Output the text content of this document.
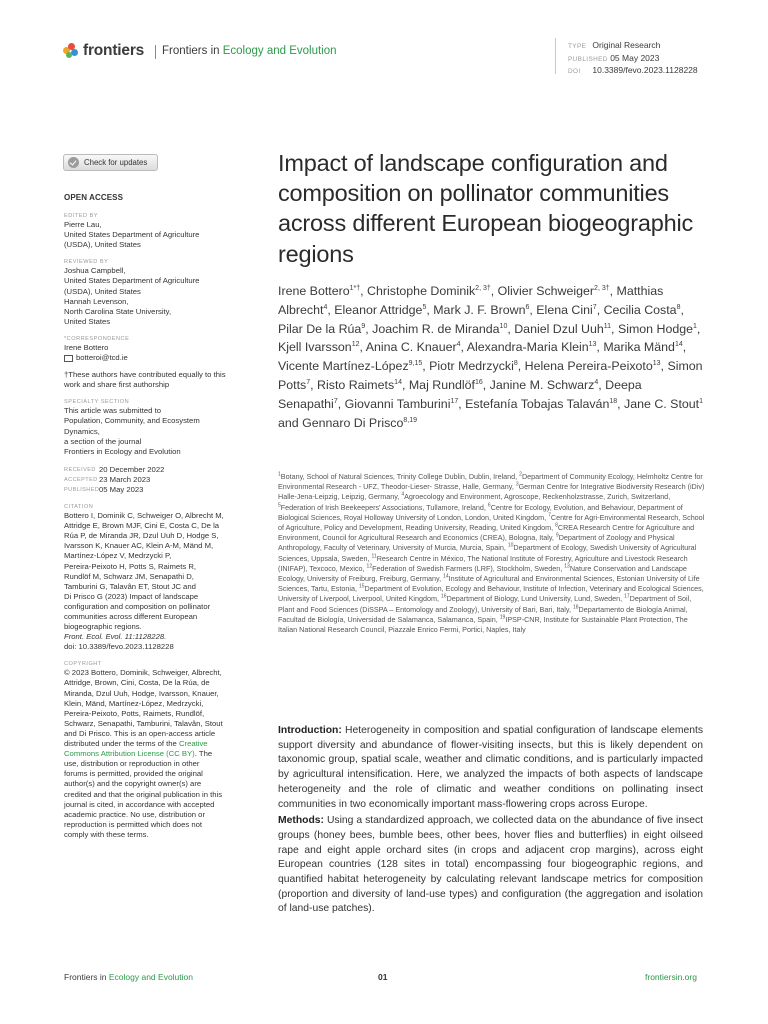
frontiers Frontiers in Ecology and Evolution	TYPE Original Research
PUBLISHED 05 May 2023
DOI 10.3389/fevo.2023.1128228
Check for updates
OPEN ACCESS
EDITED BY
Pierre Lau,
United States Department of Agriculture
(USDA), United States
REVIEWED BY
Joshua Campbell,
United States Department of Agriculture
(USDA), United States
Hannah Levenson,
North Carolina State University,
United States
*CORRESPONDENCE
Irene Bottero
botteroi@tcd.ie
†These authors have contributed equally to this
work and share first authorship
SPECIALTY SECTION
This article was submitted to
Population, Community, and Ecosystem
Dynamics,
a section of the journal
Frontiers in Ecology and Evolution
RECEIVED 20 December 2022
ACCEPTED 23 March 2023
PUBLISHED 05 May 2023
CITATION
Bottero I, Dominik C, Schweiger O, Albrecht M,
Attridge E, Brown MJF, Cini E, Costa C, De la
Rúa P, de Miranda JR, Dzul Uuh D, Hodge S,
Ivarsson K, Knauer AC, Klein A-M, Mänd M,
Martínez-López V, Medrzycki P,
Pereira-Peixoto H, Potts S, Raimets R,
Rundlöf M, Schwarz JM, Senapathi D,
Tamburini G, Talavân ET, Stout JC and
Di Prisco G (2023) Impact of landscape
configuration and composition on pollinator
communities across different European
biogeographic regions.
Front. Ecol. Evol. 11:1128228.
doi: 10.3389/fevo.2023.1128228
COPYRIGHT
© 2023 Bottero, Dominik, Schweiger, Albrecht,
Attridge, Brown, Cini, Costa, De la Rúa, de
Miranda, Dzul Uuh, Hodge, Ivarsson, Knauer,
Klein, Mänd, Martínez-López, Medrzycki,
Pereira-Peixoto, Potts, Raimets, Rundlöf,
Schwarz, Senapathi, Tamburini, Talavân, Stout
and Di Prisco. This is an open-access article
distributed under the terms of the Creative
Commons Attribution License (CC BY). The
use, distribution or reproduction in other
forums is permitted, provided the original
author(s) and the copyright owner(s) are
credited and that the original publication in this
journal is cited, in accordance with accepted
academic practice. No use, distribution or
reproduction is permitted which does not
comply with these terms.
Impact of landscape configuration and composition on pollinator communities across different European biogeographic regions
Irene Bottero$^{1*\dagger}$, Christophe Dominik$^{2, 3\dagger}$, Olivier Schweiger$^{2, 3\dagger}$, Matthias Albrecht$^4$, Eleanor Attridge$^5$, Mark J. F. Brown$^6$, Elena Cini$^7$, Cecilia Costa$^8$, Pilar De la Rúa$^9$, Joachim R. de Miranda$^{10}$, Daniel Dzul Uuh$^{11}$, Simon Hodge$^1$, Kjell Ivarsson$^{12}$, Anina C. Knauer$^4$, Alexandra-Maria Klein$^{13}$, Marika Mänd$^{14}$, Vicente Martínez-López$^{9,15}$, Piotr Medrzycki$^8$, Helena Pereira-Peixoto$^{13}$, Simon Potts$^7$, Risto Raimets$^{14}$, Maj Rundlöf$^{16}$, Janine M. Schwarz$^4$, Deepa Senapathi$^7$, Giovanni Tamburini$^{17}$, Estefanía Tobajas Talaván$^{18}$, Jane C. Stout$^1$ and Gennaro Di Prisco$^{8,19}$
$^1$Botany, School of Natural Sciences, Trinity College Dublin, Dublin, Ireland, $^2$Department of Community Ecology, Helmholtz Centre for Environmental Research - UFZ, Theodor-Lieser- Strasse, Halle, Germany, $^3$German Centre for Integrative Biodiversity Research (iDiv) Halle-Jena-Leipzig, Leipzig, Germany, $^4$Agroecology and Environment, Agroscope, Reckenholzstrasse, Zurich, Switzerland, $^5$Federation of Irish Beekeepers' Associations, Tullamore, Ireland, $^6$Centre for Ecology, Evolution, and Behaviour, Department of Biological Sciences, Royal Holloway University of London, London, United Kingdom, $^7$Centre for Agri-Environmental Research, School of Agriculture, Policy and Development, Reading University, Reading, United Kingdom, $^8$CREA Research Centre for Agriculture and Environment, Council for Agricultural Research and Economics (CREA), Bologna, Italy, $^9$Department of Zoology and Physical Anthropology, Faculty of Veterinary, University of Murcia, Murcia, Spain, $^{10}$Department of Ecology, Swedish University of Agricultural Sciences, Uppsala, Sweden, $^{11}$Research Centre in México, The National Institute of Forestry, Agriculture and Livestock Research (INIFAP), Texcoco, Mexico, $^{12}$Federation of Swedish Farmers (LRF), Stockholm, Sweden, $^{13}$Nature Conservation and Landscape Ecology, University of Freiburg, Freiburg, Germany, $^{14}$Institute of Agricultural and Environmental Sciences, Estonian University of Life Sciences, Tartu, Estonia, $^{15}$Department of Evolution, Ecology and Behaviour, Institute of Infection, Veterinary and Ecological Sciences, University of Liverpool, Liverpool, United Kingdom, $^{16}$Department of Biology, Lund University, Lund, Sweden, $^{17}$Department of Soil, Plant and Food Sciences (DiSSPA – Entomology and Zoology), University of Bari, Bari, Italy, $^{18}$Departamento de Biología Animal, Facultad de Biología, Universidad de Salamanca, Salamanca, Spain, $^{19}$IPSP-CNR, Institute for Sustainable Plant Protection, The Italian National Research Council, Piazzale Enrico Fermi, Portici, Naples, Italy

Introduction: Heterogeneity in composition and spatial configuration of landscape elements support diversity and abundance of flower-visiting insects, but this is likely dependent on taxonomic group, spatial scale, weather and climatic conditions, and is particularly impacted by agricultural intensification. Here, we analyzed the impacts of both aspects of landscape heterogeneity and the role of climatic and weather conditions on pollinating insect communities in two economically important mass-flowering crops across Europe.

Methods: Using a standardized approach, we collected data on the abundance of five insect groups (honey bees, bumble bees, other bees, hover flies and butterflies) in eight oilseed rape and eight apple orchard sites (in crops and adjacent crop margins), across eight European countries (128 sites in total) encompassing four biogeographic regions, and quantified habitat heterogeneity by calculating relevant landscape metrics for composition (proportion and diversity of land-use types) and configuration (the aggregation and isolation of land-use patches).

Frontiers in Ecology and Evolution	01	frontiersin.org
